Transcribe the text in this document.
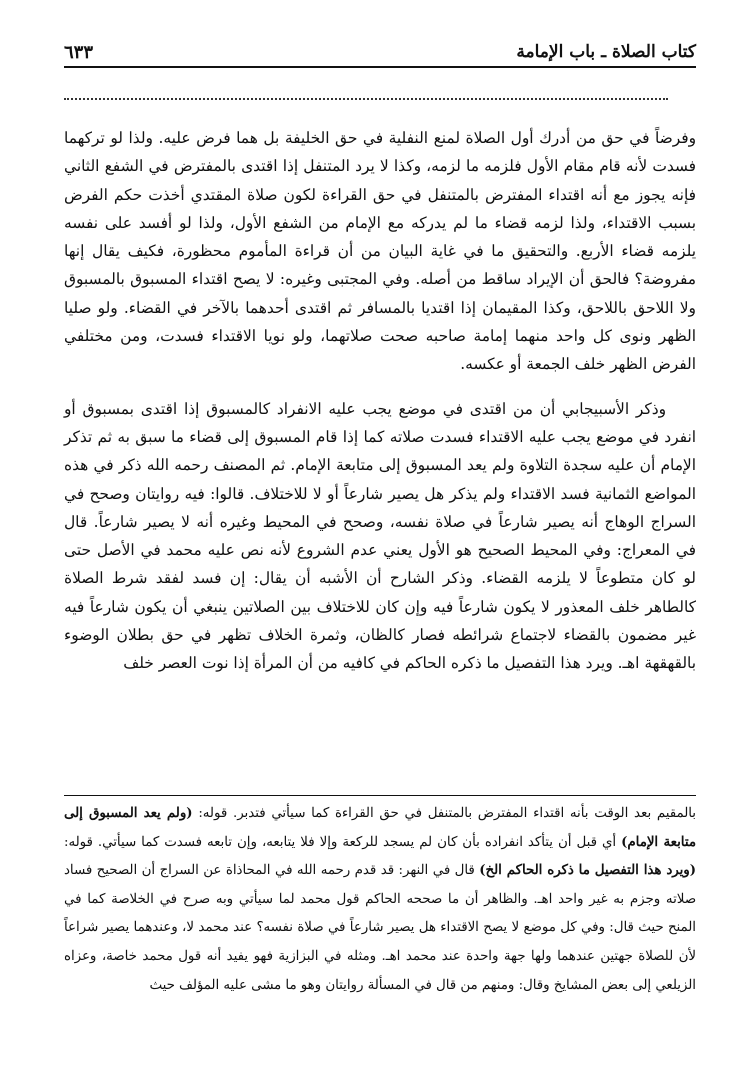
كتاب الصلاة ـ باب الإمامة
٦٣٣

وفرضاً في حق من أدرك أول الصلاة لمنع النفلية في حق الخليفة بل هما فرض عليه. ولذا لو تركهما فسدت لأنه قام مقام الأول فلزمه ما لزمه، وكذا لا يرد المتنفل إذا اقتدى بالمفترض في الشفع الثاني فإنه يجوز مع أنه اقتداء المفترض بالمتنفل في حق القراءة لكون صلاة المقتدي أخذت حكم الفرض بسبب الاقتداء، ولذا لزمه قضاء ما لم يدركه مع الإمام من الشفع الأول، ولذا لو أفسد على نفسه يلزمه قضاء الأربع. والتحقيق ما في غاية البيان من أن قراءة المأموم محظورة، فكيف يقال إنها مفروضة؟ فالحق أن الإيراد ساقط من أصله. وفي المجتبى وغيره: لا يصح اقتداء المسبوق بالمسبوق ولا اللاحق باللاحق، وكذا المقيمان إذا اقتديا بالمسافر ثم اقتدى أحدهما بالآخر في القضاء. ولو صليا الظهر ونوى كل واحد منهما إمامة صاحبه صحت صلاتهما، ولو نويا الاقتداء فسدت، ومن مختلفي الفرض الظهر خلف الجمعة أو عكسه.

وذكر الأسبيجابي أن من اقتدى في موضع يجب عليه الانفراد كالمسبوق إذا اقتدى بمسبوق أو انفرد في موضع يجب عليه الاقتداء فسدت صلاته كما إذا قام المسبوق إلى قضاء ما سبق به ثم تذكر الإمام أن عليه سجدة التلاوة ولم يعد المسبوق إلى متابعة الإمام. ثم المصنف رحمه الله ذكر في هذه المواضع الثمانية فسد الاقتداء ولم يذكر هل يصير شارعاً أو لا للاختلاف. قالوا: فيه روايتان وصحح في السراج الوهاج أنه يصير شارعاً في صلاة نفسه، وصحح في المحيط وغيره أنه لا يصير شارعاً. قال في المعراج: وفي المحيط الصحيح هو الأول يعني عدم الشروع لأنه نص عليه محمد في الأصل حتى لو كان متطوعاً لا يلزمه القضاء. وذكر الشارح أن الأشبه أن يقال: إن فسد لفقد شرط الصلاة كالطاهر خلف المعذور لا يكون شارعاً فيه وإن كان للاختلاف بين الصلاتين ينبغي أن يكون شارعاً فيه غير مضمون بالقضاء لاجتماع شرائطه فصار كالظان، وثمرة الخلاف تظهر في حق بطلان الوضوء بالقهقهة اهـ. ويرد هذا التفصيل ما ذكره الحاكم في كافيه من أن المرأة إذا نوت العصر خلف

بالمقيم بعد الوقت بأنه اقتداء المفترض بالمتنفل في حق القراءة كما سيأتي فتدبر. قوله: (ولم يعد المسبوق إلى متابعة الإمام) أي قبل أن يتأكد انفراده بأن كان لم يسجد للركعة وإلا فلا يتابعه، وإن تابعه فسدت كما سيأتي. قوله: (ويرد هذا التفصيل ما ذكره الحاكم الخ) قال في النهر: قد قدم رحمه الله في المحاذاة عن السراج أن الصحيح فساد صلاته وجزم به غير واحد اهـ. والظاهر أن ما صححه الحاكم قول محمد لما سيأتي وبه صرح في الخلاصة كما في المنح حيث قال: وفي كل موضع لا يصح الاقتداء هل يصير شارعاً في صلاة نفسه؟ عند محمد لا، وعندهما يصير شراعاً لأن للصلاة جهتين عندهما ولها جهة واحدة عند محمد اهـ. ومثله في البزازية فهو يفيد أنه قول محمد خاصة، وعزاه الزيلعي إلى بعض المشايخ وقال: ومنهم من قال في المسألة روايتان وهو ما مشى عليه المؤلف حيث
